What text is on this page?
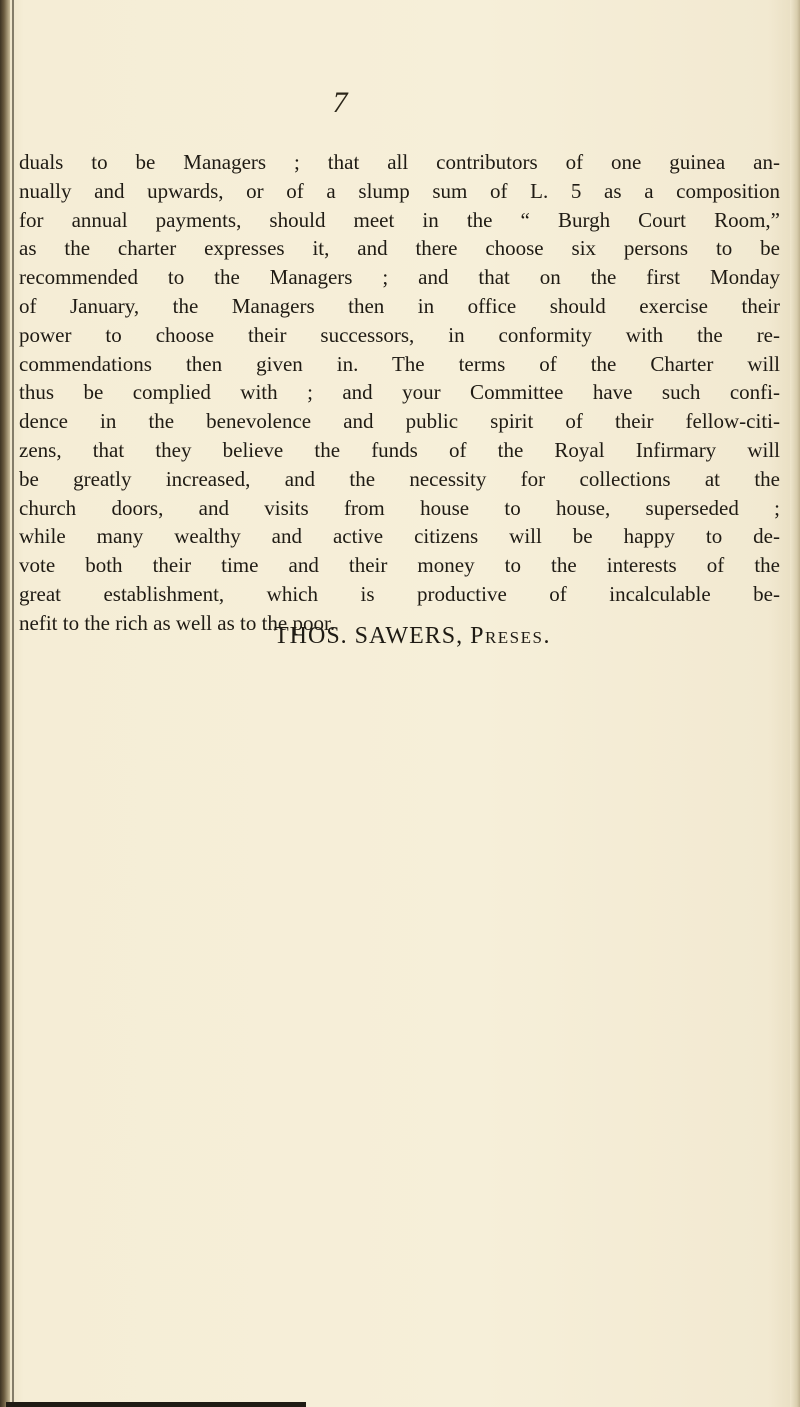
7
duals to be Managers ; that all contributors of one guinea an-
nually and upwards, or of a slump sum of L. 5 as a composition
for annual payments, should meet in the “ Burgh Court Room,”
as the charter expresses it, and there choose six persons to be
recommended to the Managers ; and that on the first Monday
of January, the Managers then in office should exercise their
power to choose their successors, in conformity with the re-
commendations then given in. The terms of the Charter will
thus be complied with ; and your Committee have such confi-
dence in the benevolence and public spirit of their fellow-citi-
zens, that they believe the funds of the Royal Infirmary will
be greatly increased, and the necessity for collections at the
church doors, and visits from house to house, superseded ;
while many wealthy and active citizens will be happy to de-
vote both their time and their money to the interests of the
great establishment, which is productive of incalculable be-
nefit to the rich as well as to the poor.
THOS. SAWERS, Preses.
